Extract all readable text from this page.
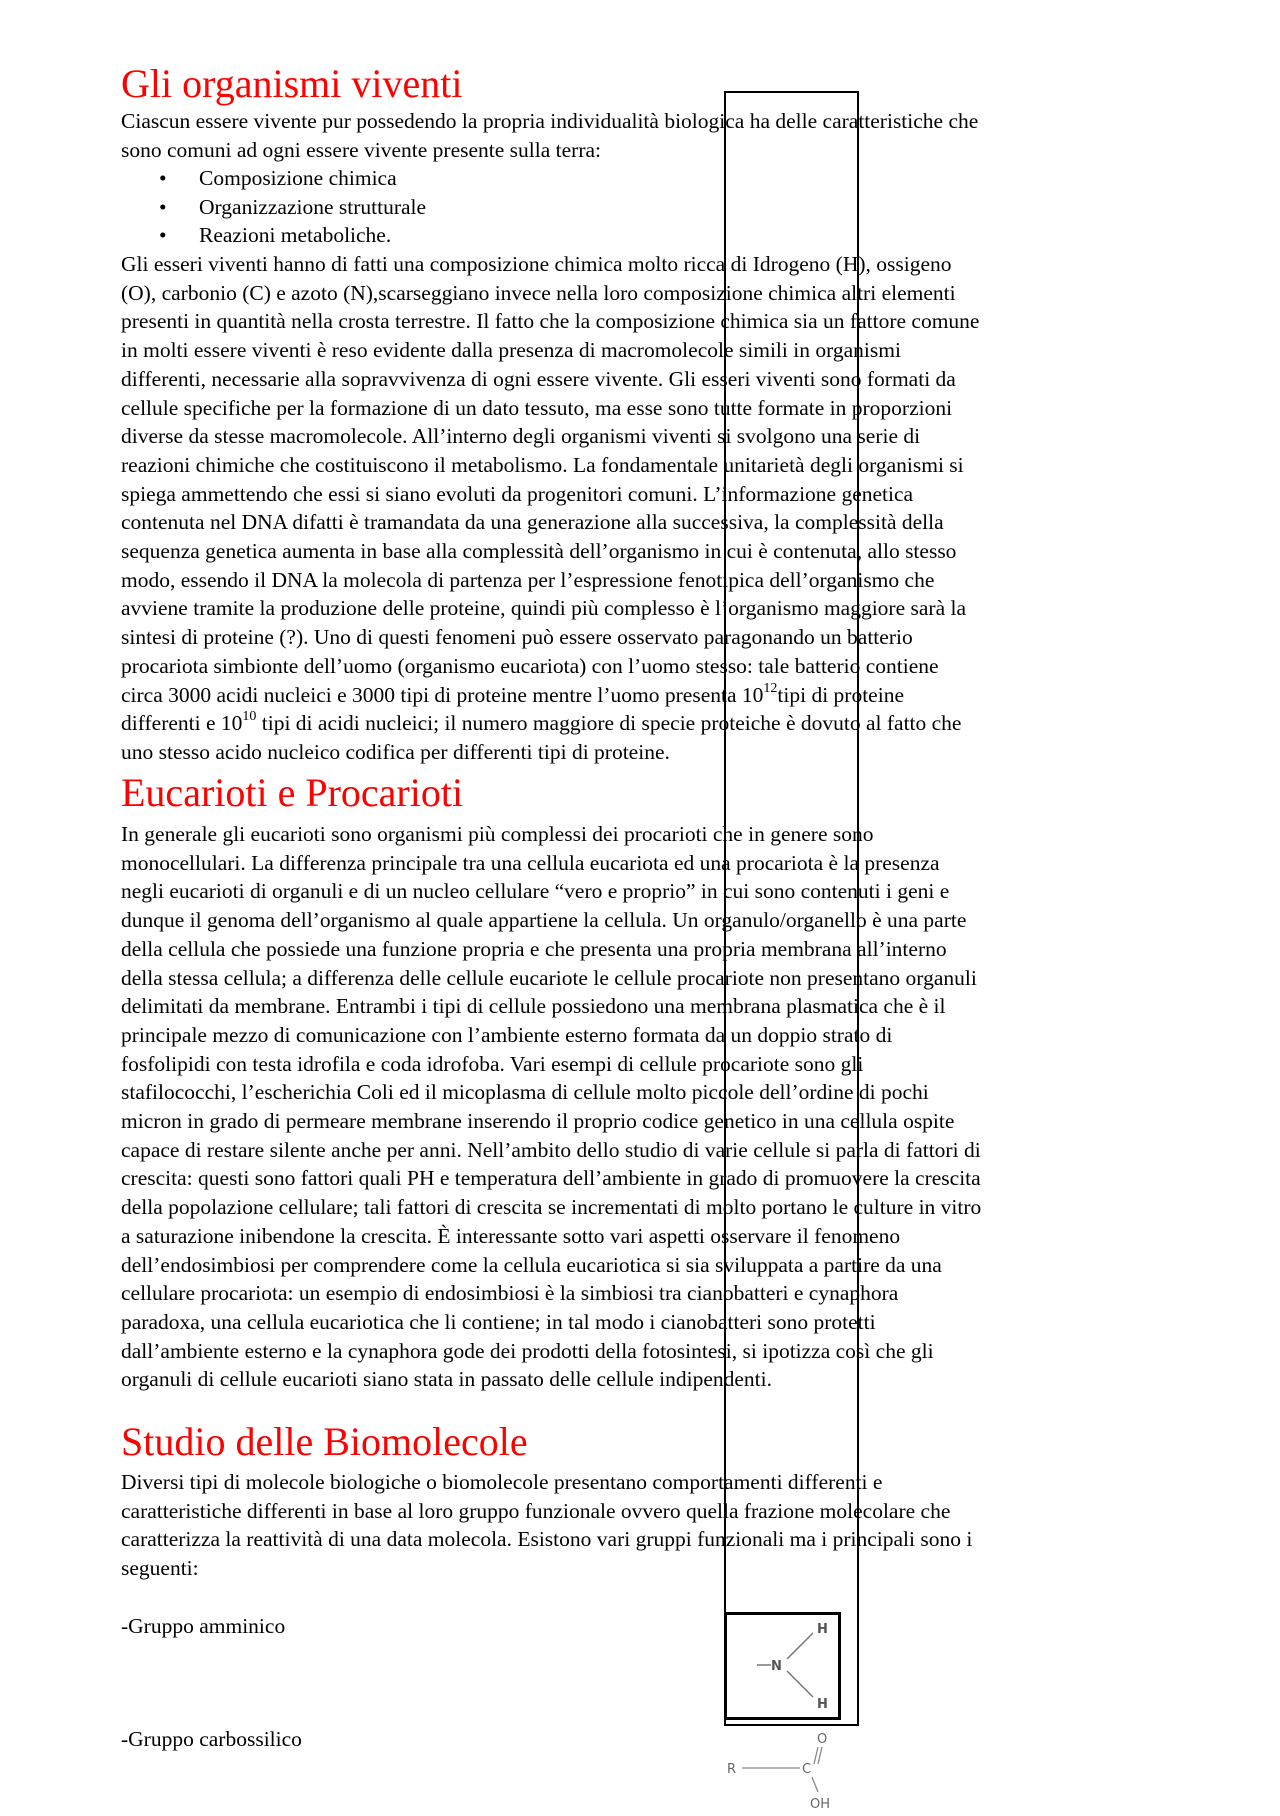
Gli organismi viventi
Ciascun essere vivente pur possedendo la propria individualità biologica ha delle caratteristiche che
sono comuni ad ogni essere vivente presente sulla terra:
• Composizione chimica
• Organizzazione strutturale
• Reazioni metaboliche.
Gli esseri viventi hanno di fatti una composizione chimica molto ricca di Idrogeno (H), ossigeno
(O), carbonio (C) e azoto (N),scarseggiano invece nella loro composizione chimica altri elementi
presenti in quantità nella crosta terrestre. Il fatto che la composizione chimica sia un fattore comune
in molti essere viventi è reso evidente dalla presenza di macromolecole simili in organismi
differenti, necessarie alla sopravvivenza di ogni essere vivente. Gli esseri viventi sono formati da
cellule specifiche per la formazione di un dato tessuto, ma esse sono tutte formate in proporzioni
diverse da stesse macromolecole. All’interno degli organismi viventi si svolgono una serie di
reazioni chimiche che costituiscono il metabolismo. La fondamentale unitarietà degli organismi si
spiega ammettendo che essi si siano evoluti da progenitori comuni. L’informazione genetica
contenuta nel DNA difatti è tramandata da una generazione alla successiva, la complessità della
sequenza genetica aumenta in base alla complessità dell’organismo in cui è contenuta, allo stesso
modo, essendo il DNA la molecola di partenza per l’espressione fenotipica dell’organismo che
avviene tramite la produzione delle proteine, quindi più complesso è l’organismo maggiore sarà la
sintesi di proteine (?). Uno di questi fenomeni può essere osservato paragonando un batterio
procariota simbionte dell’uomo (organismo eucariota) con l’uomo stesso: tale batterio contiene
circa 3000 acidi nucleici e 3000 tipi di proteine mentre l’uomo presenta $10^{12}tipi$ di proteine
differenti e $10^{10}$ tipi di acidi nucleici; il numero maggiore di specie proteiche è dovuto al fatto che
uno stesso acido nucleico codifica per differenti tipi di proteine.
Eucarioti e Procarioti
In generale gli eucarioti sono organismi più complessi dei procarioti che in genere sono
monocellulari. La differenza principale tra una cellula eucariota ed una procariota è la presenza
negli eucarioti di organuli e di un nucleo cellulare “vero e proprio” in cui sono contenuti i geni e
dunque il genoma dell’organismo al quale appartiene la cellula. Un organulo/organello è una parte
della cellula che possiede una funzione propria e che presenta una propria membrana all’interno
della stessa cellula; a differenza delle cellule eucariote le cellule procariote non presentano organuli
delimitati da membrane. Entrambi i tipi di cellule possiedono una membrana plasmatica che è il
principale mezzo di comunicazione con l’ambiente esterno formata da un doppio strato di
fosfolipidi con testa idrofila e coda idrofoba. Vari esempi di cellule procariote sono gli
stafilococchi, l’escherichia Coli ed il micoplasma di cellule molto piccole dell’ordine di pochi
micron in grado di permeare membrane inserendo il proprio codice genetico in una cellula ospite
capace di restare silente anche per anni. Nell’ambito dello studio di varie cellule si parla di fattori di
crescita: questi sono fattori quali PH e temperatura dell’ambiente in grado di promuovere la crescita
della popolazione cellulare; tali fattori di crescita se incrementati di molto portano le culture in vitro
a saturazione inibendone la crescita. È interessante sotto vari aspetti osservare il fenomeno
dell’endosimbiosi per comprendere come la cellula eucariotica si sia sviluppata a partire da una
cellulare procariota: un esempio di endosimbiosi è la simbiosi tra cianobatteri e cynaphora
paradoxa, una cellula eucariotica che li contiene; in tal modo i cianobatteri sono protetti
dall’ambiente esterno e la cynaphora gode dei prodotti della fotosintesi, si ipotizza così che gli
organuli di cellule eucarioti siano stata in passato delle cellule indipendenti.
Studio delle Biomolecole
Diversi tipi di molecole biologiche o biomolecole presentano comportamenti differenti e
caratteristiche differenti in base al loro gruppo funzionale ovvero quella frazione molecolare che
caratterizza la reattività di una data molecola. Esistono vari gruppi funzionali ma i principali sono i
seguenti:
-Gruppo amminico
-Gruppo carbossilico
H
N
H
O
R	C
OH
